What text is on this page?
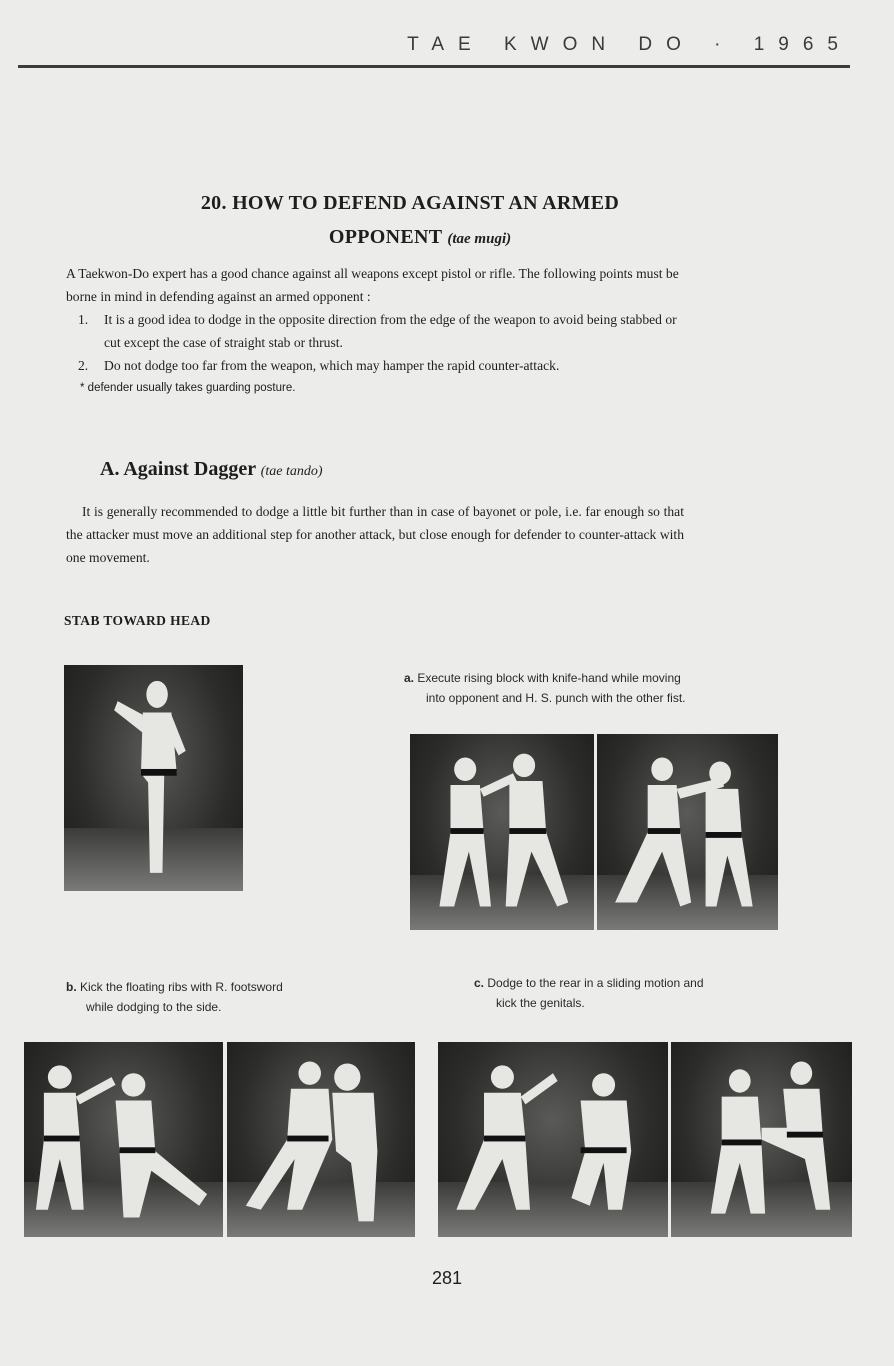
TAE KWON DO · 1965
20. HOW TO DEFEND AGAINST AN ARMED
OPPONENT (tae mugi)

A Taekwon-Do expert has a good chance against all weapons except pistol or rifle. The following points must be borne in mind in defending against an armed opponent :

1. It is a good idea to dodge in the opposite direction from the edge of the weapon to avoid being stabbed or cut except the case of straight stab or thrust.
2. Do not dodge too far from the weapon, which may hamper the rapid counter-attack.
* defender usually takes guarding posture.
A. Against Dagger (tae tando)
It is generally recommended to dodge a little bit further than in case of bayonet or pole, i.e. far enough so that the attacker must move an additional step for another attack, but close enough for defender to counter-attack with one movement.
STAB TOWARD HEAD
a. Execute rising block with knife-hand while moving
into opponent and H. S. punch with the other fist.
b. Kick the floating ribs with R. footsword
while dodging to the side.
c. Dodge to the rear in a sliding motion and
kick the genitals.
281
